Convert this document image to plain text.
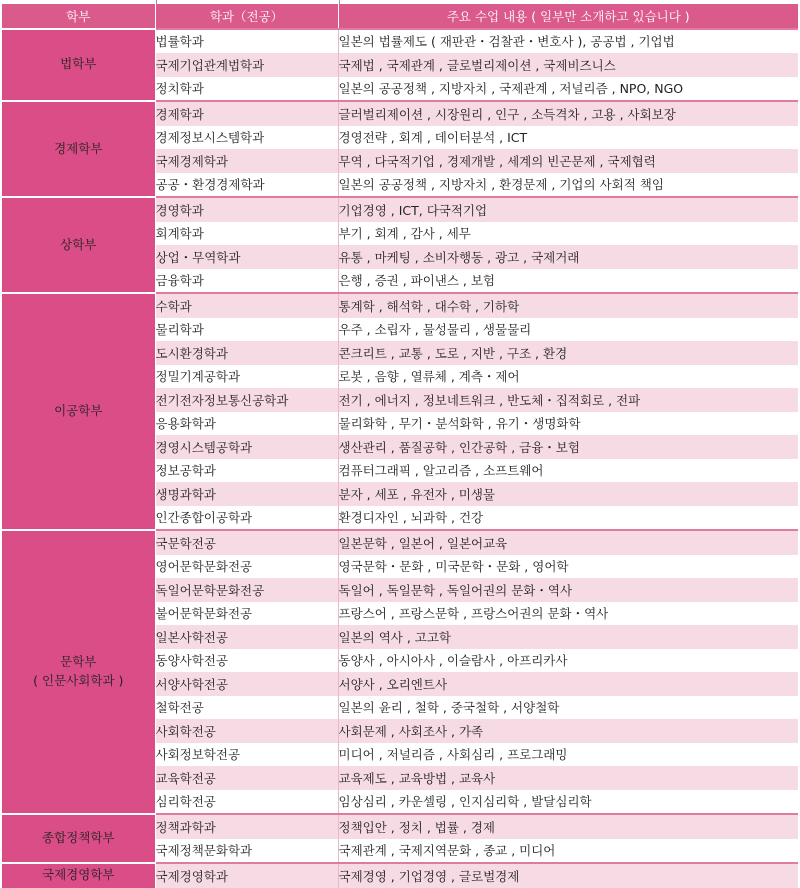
학부	학과（전공）	주요 수업 내용 ( 일부만 소개하고 있습니다 )

법학부	법률학과	일본의 법률제도 ( 재판관・검찰관・변호사 ), 공공법 , 기업법
	국제기업관계법학과	국제법 , 국제관계 , 글로벌리제이션 , 국제비즈니스
	정치학과	일본의 공공정책 , 지방자치 , 국제관계 , 저널리즘 , NPO, NGO

경제학부	경제학과	글러벌리제이션 , 시장원리 , 인구 , 소득격차 , 고용 , 사회보장
	경제정보시스템학과	경영전략 , 회계 , 데이터분석 , ICT
	국제경제학과	무역 , 다국적기업 , 경제개발 , 세계의 빈곤문제 , 국제협력
	공공・환경경제학과	일본의 공공정책 , 지방자치 , 환경문제 , 기업의 사회적 책임

상학부	경영학과	기업경영 , ICT, 다국적기업
	회계학과	부기 , 회계 , 감사 , 세무
	상업・무역학과	유통 , 마케팅 , 소비자행동 , 광고 , 국제거래
	금융학과	은행 , 증권 , 파이낸스 , 보험

이공학부	수학과	통계학 , 해석학 , 대수학 , 기하학
	물리학과	우주 , 소립자 , 물성물리 , 생물물리
	도시환경학과	콘크리트 , 교통 , 도로 , 지반 , 구조 , 환경
	정밀기계공학과	로봇 , 음향 , 열류체 , 계측・제어
	전기전자정보통신공학과	전기 , 에너지 , 정보네트워크 , 반도체・집적회로 , 전파
	응용화학과	물리화학 , 무기・분석화학 , 유기・생명화학
	경영시스템공학과	생산관리 , 품질공학 , 인간공학 , 금융・보험
	정보공학과	컴퓨터그래픽 , 알고리즘 , 소프트웨어
	생명과학과	분자 , 세포 , 유전자 , 미생물
	인간종합이공학과	환경디자인 , 뇌과학 , 건강

문학부
( 인문사회학과 )	국문학전공	일본문학 , 일본어 , 일본어교육
	영어문학문화전공	영국문학・문화 , 미국문학・문화 , 영어학
	독일어문학문화전공	독일어 , 독일문학 , 독일어권의 문화・역사
	불어문학문화전공	프랑스어 , 프랑스문학 , 프랑스어권의 문화・역사
	일본사학전공	일본의 역사 , 고고학
	동양사학전공	동양사 , 아시아사 , 이슬람사 , 아프리카사
	서양사학전공	서양사 , 오리엔트사
	철학전공	일본의 윤리 , 철학 , 중국철학 , 서양철학
	사회학전공	사회문제 , 사회조사 , 가족
	사회정보학전공	미디어 , 저널리즘 , 사회심리 , 프로그래밍
	교육학전공	교육제도 , 교육방법 , 교육사
	심리학전공	임상심리 , 카운셀링 , 인지심리학 , 발달심리학

종합정책학부	정책과학과	정책입안 , 정치 , 법률 , 경제
	국제정책문화학과	국제관계 , 국제지역문화 , 종교 , 미디어

국제경영학부	국제경영학과	국제경영 , 기업경영 , 글로벌경제
